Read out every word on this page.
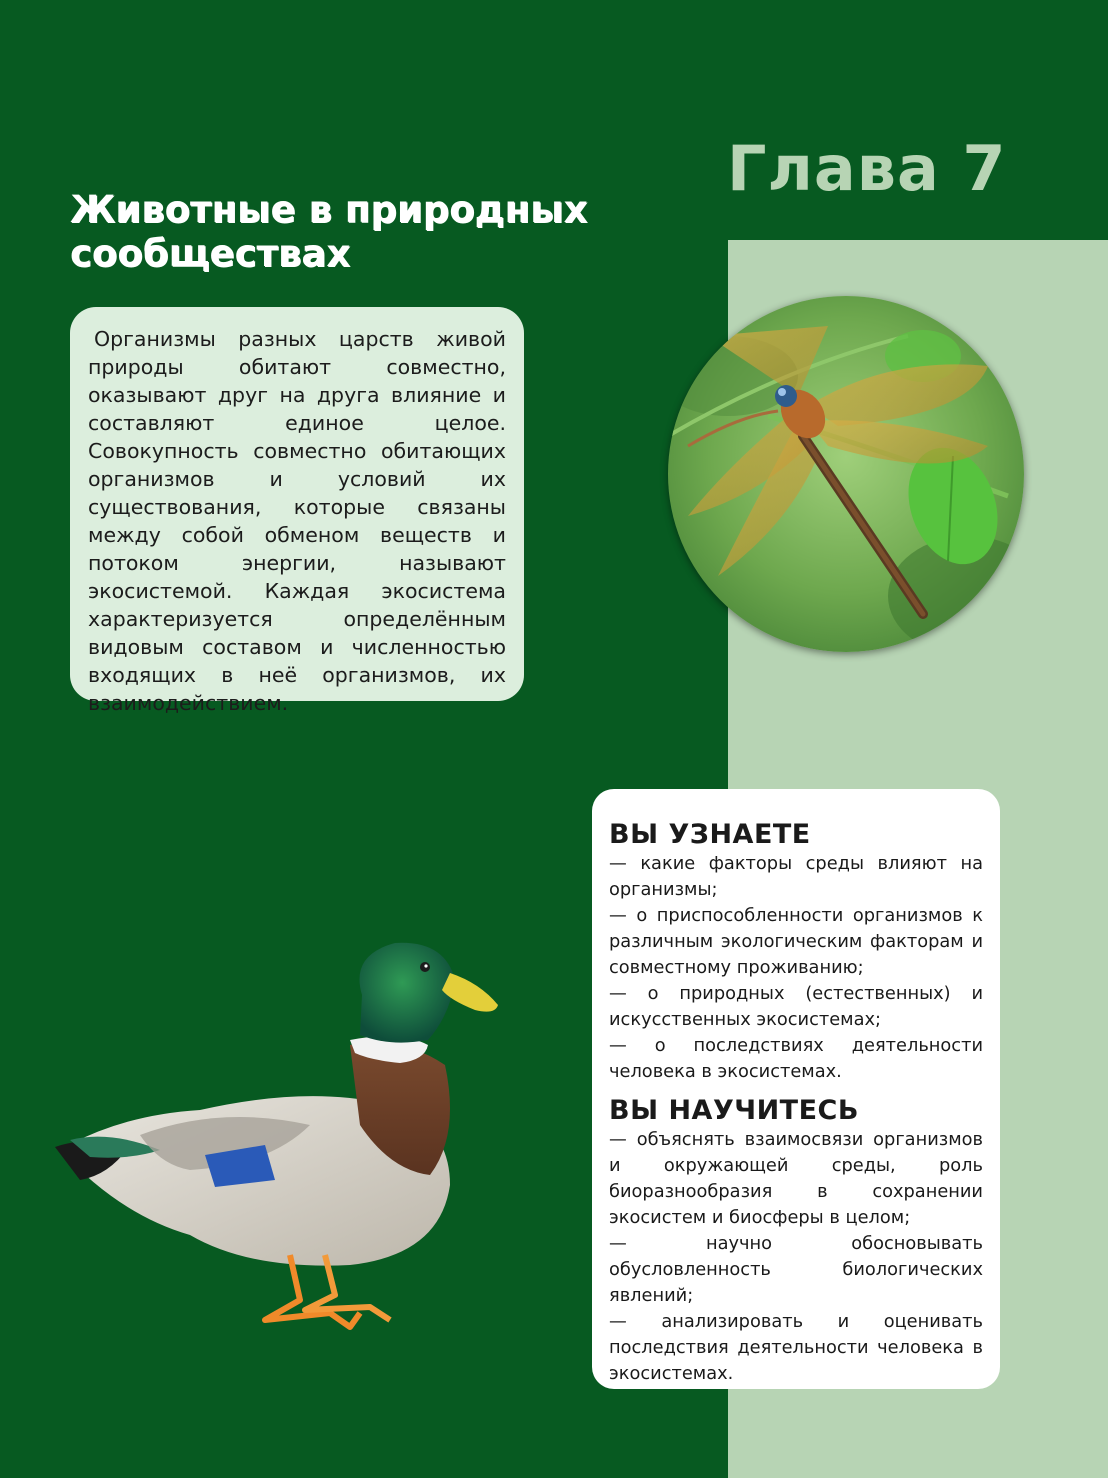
Глава 7
Животные в природных
сообществах

Организмы разных царств живой природы обитают совместно, оказывают друг на друга влияние и составляют единое целое. Совокупность совместно обитающих организмов и условий их существования, которые связаны между собой обменом веществ и потоком энергии, называют экосистемой. Каждая экосистема характеризуется определённым видовым составом и численностью входящих в неё организмов, их взаимодействием.

ВЫ УЗНАЕТЕ
— какие факторы среды влияют на организмы;
— о приспособленности организмов к различным экологическим факторам и совместному проживанию;
— о природных (естественных) и искусственных экосистемах;
— о последствиях деятельности человека в экосистемах.
ВЫ НАУЧИТЕСЬ
— объяснять взаимосвязи организмов и окружающей среды, роль биоразнообразия в сохранении экосистем и биосферы в целом;
— научно обосновывать обусловленность биологических явлений;
— анализировать и оценивать последствия деятельности человека в экосистемах.
